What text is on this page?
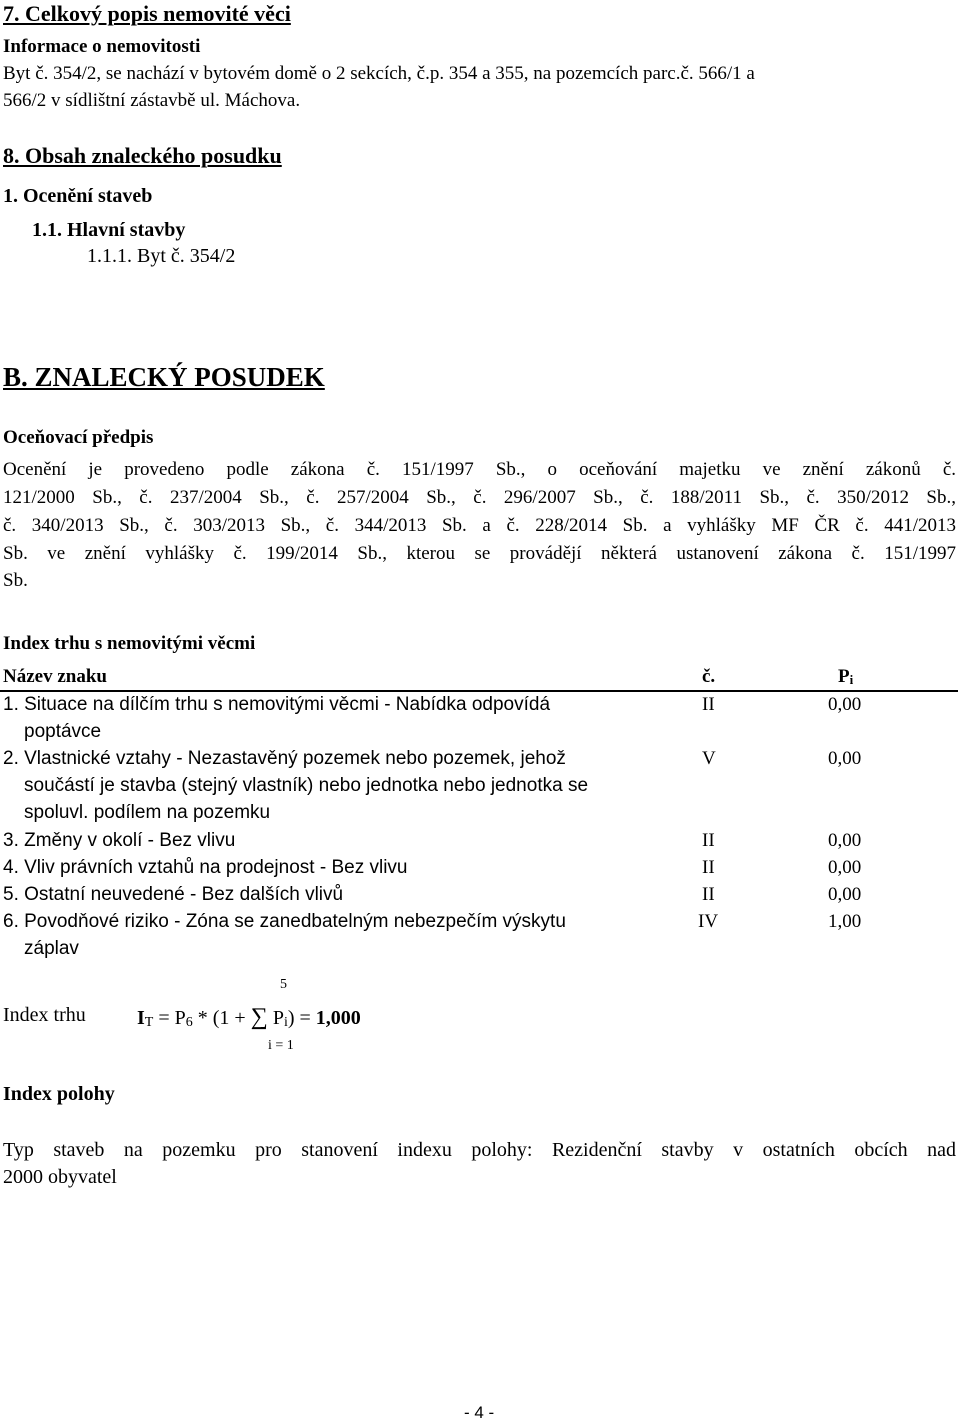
7. Celkový popis nemovité věci
Informace o nemovitosti
Byt č. 354/2, se nachází v bytovém domě o 2 sekcích, č.p. 354 a 355, na pozemcích parc.č. 566/1 a
566/2 v sídlištní zástavbě ul. Máchova.
8. Obsah znaleckého posudku
1. Ocenění staveb
1.1. Hlavní stavby
1.1.1. Byt č. 354/2
B. ZNALECKÝ POSUDEK
Oceňovací předpis
Ocenění je provedeno podle zákona č. 151/1997 Sb., o oceňování majetku ve znění zákonů č.
121/2000 Sb., č. 237/2004 Sb., č. 257/2004 Sb., č. 296/2007 Sb., č. 188/2011 Sb., č. 350/2012 Sb.,
č. 340/2013 Sb., č. 303/2013 Sb., č. 344/2013 Sb. a č. 228/2014 Sb. a vyhlášky MF ČR č. 441/2013
Sb. ve znění vyhlášky č. 199/2014 Sb., kterou se provádějí některá ustanovení zákona č. 151/1997
Sb.
Index trhu s nemovitými věcmi
Název znaku	č.	Pi
1. Situace na dílčím trhu s nemovitými věcmi - Nabídka odpovídá
poptávce
II	0,00
2. Vlastnické vztahy - Nezastavěný pozemek nebo pozemek, jehož
součástí je stavba (stejný vlastník) nebo jednotka nebo jednotka se
spoluvl. podílem na pozemku
V	0,00
3. Změny v okolí - Bez vlivu	II	0,00
4. Vliv právních vztahů na prodejnost - Bez vlivu	II	0,00
5. Ostatní neuvedené - Bez dalších vlivů	II	0,00
6. Povodňové riziko - Zóna se zanedbatelným nebezpečím výskytu
záplav
IV	1,00
5
Index trhu	IT = P6 * (1 + ∑ Pi) = 1,000
i = 1
Index polohy
Typ staveb na pozemku pro stanovení indexu polohy: Rezidenční stavby v ostatních obcích nad
2000 obyvatel
- 4 -
